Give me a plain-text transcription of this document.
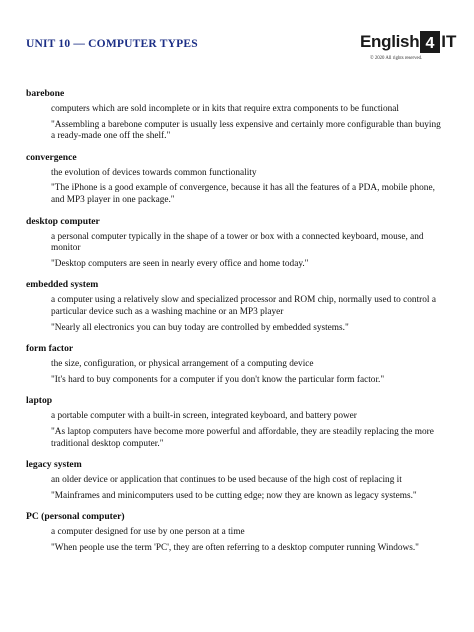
UNIT 10 — COMPUTER TYPES	English 4 IT
© 2020 All rights reserved.
barebone
computers which are sold incomplete or in kits that require extra components to be functional
"Assembling a barebone computer is usually less expensive and certainly more configurable than buying a ready-made one off the shelf."
convergence
the evolution of devices towards common functionality
"The iPhone is a good example of convergence, because it has all the features of a PDA, mobile phone, and MP3 player in one package."
desktop computer
a personal computer typically in the shape of a tower or box with a connected keyboard, mouse, and monitor
"Desktop computers are seen in nearly every office and home today."
embedded system
a computer using a relatively slow and specialized processor and ROM chip, normally used to control a particular device such as a washing machine or an MP3 player
"Nearly all electronics you can buy today are controlled by embedded systems."
form factor
the size, configuration, or physical arrangement of a computing device
"It's hard to buy components for a computer if you don't know the particular form factor."
laptop
a portable computer with a built-in screen, integrated keyboard, and battery power
"As laptop computers have become more powerful and affordable, they are steadily replacing the more traditional desktop computer."
legacy system
an older device or application that continues to be used because of the high cost of replacing it
"Mainframes and minicomputers used to be cutting edge; now they are known as legacy systems."
PC (personal computer)
a computer designed for use by one person at a time
"When people use the term 'PC', they are often referring to a desktop computer running Windows."
